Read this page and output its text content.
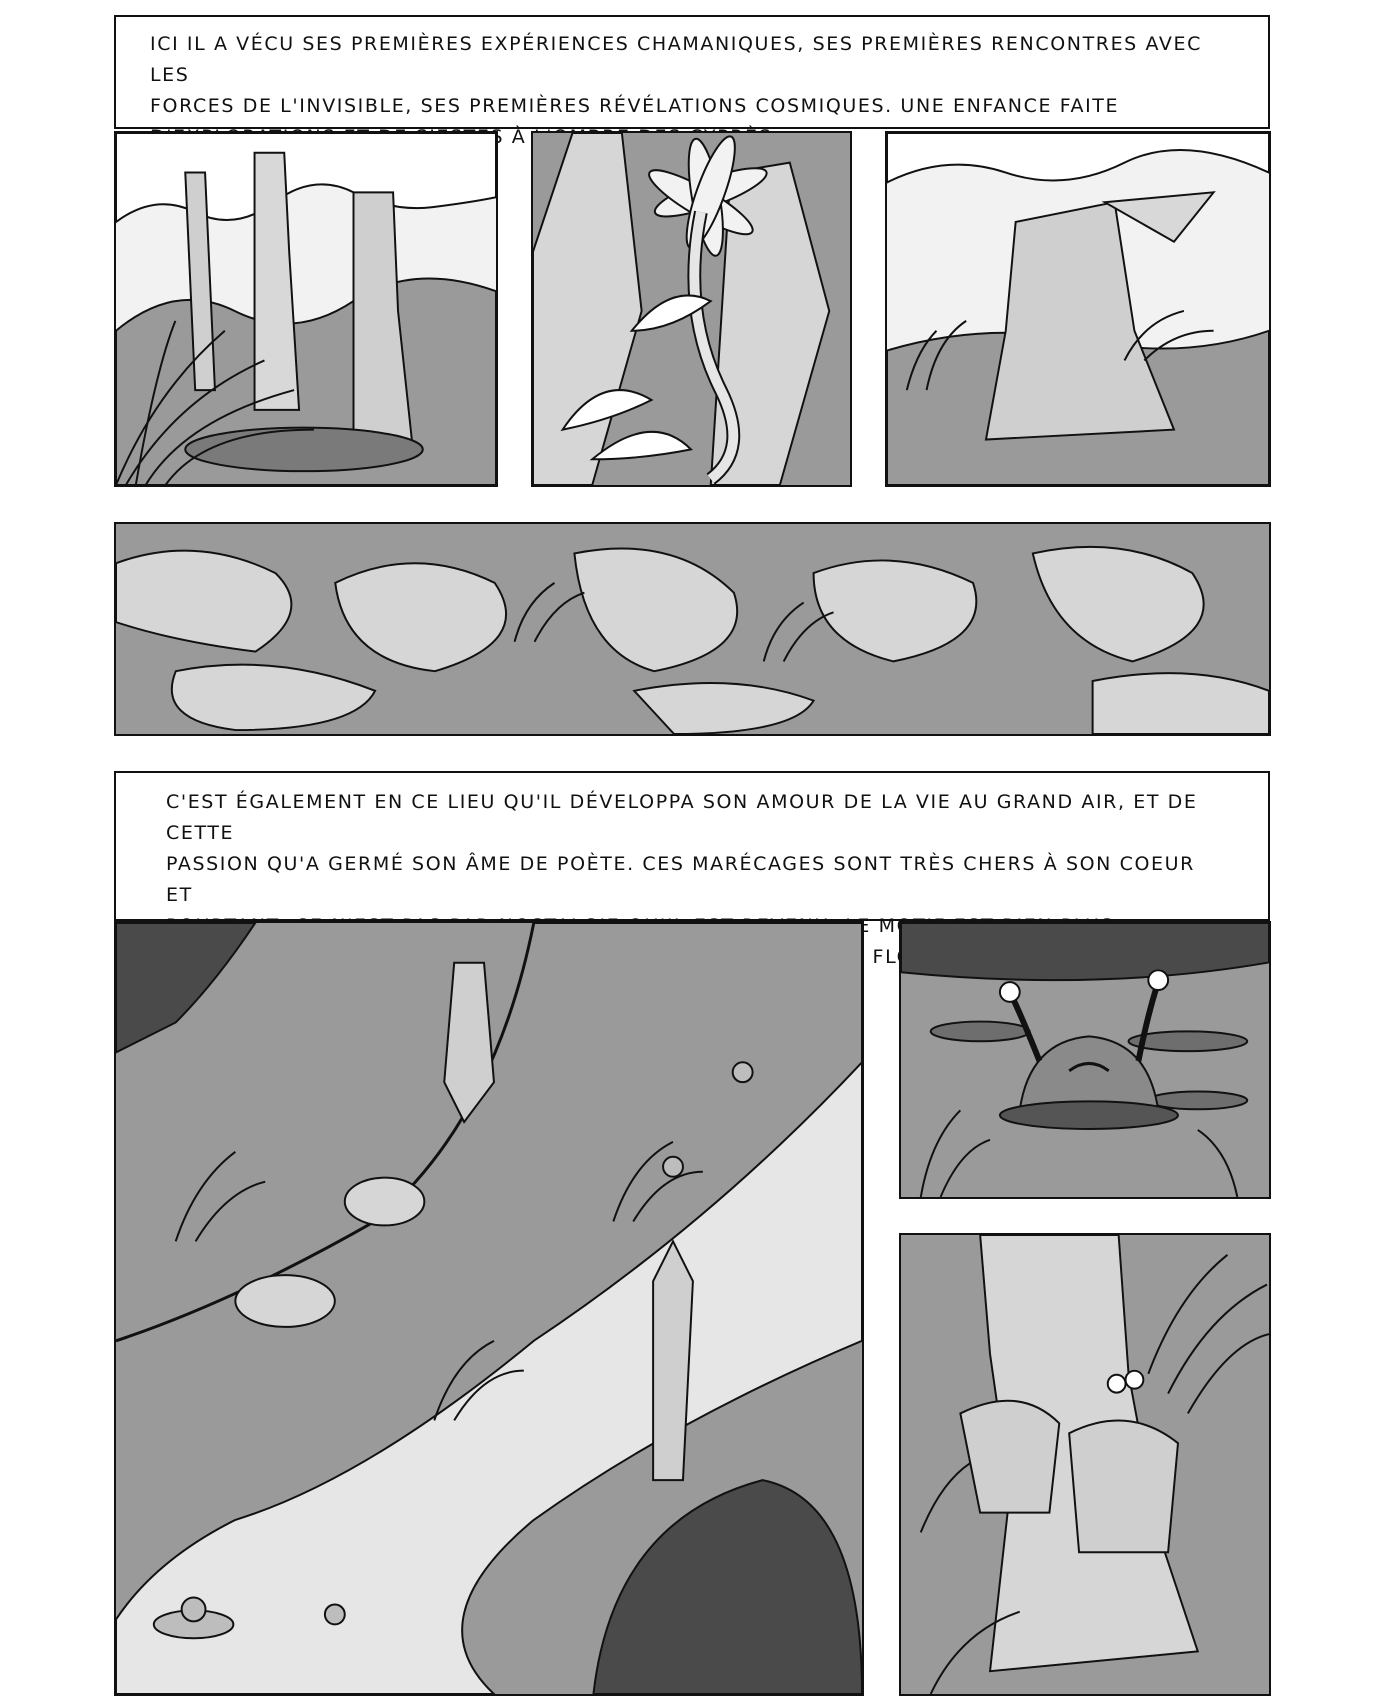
ICI IL A VÉCU SES PREMIÈRES EXPÉRIENCES CHAMANIQUES, SES PREMIÈRES RENCONTRES AVEC LES

FORCES DE L'INVISIBLE, SES PREMIÈRES RÉVÉLATIONS COSMIQUES. UNE ENFANCE FAITE

À

C'EST ÉGALEMENT EN CE LIEU QU'IL DÉVELOPPA SON AMOUR DE LA VIE AU GRAND AIR, ET DE CETTE

PASSION QU'A GERMÉ SON ÂME DE POÈTE. CES MARÉCAGES SONT TRÈS CHERS À SON COEUR ET
